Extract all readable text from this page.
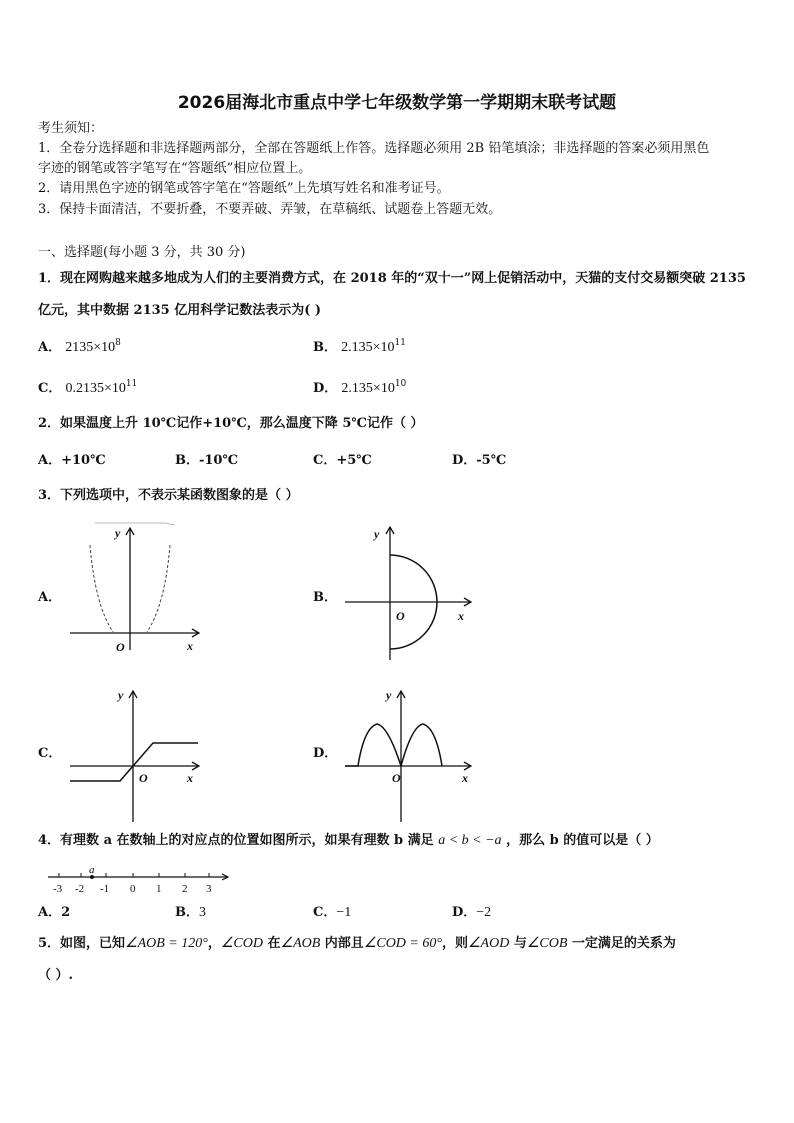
2026届海北市重点中学七年级数学第一学期期末联考试题
考生须知：
1．全卷分选择题和非选择题两部分，全部在答题纸上作答。选择题必须用 2B 铅笔填涂；非选择题的答案必须用黑色
字迹的钢笔或答字笔写在“答题纸”相应位置上。
2．请用黑色字迹的钢笔或答字笔在“答题纸”上先填写姓名和准考证号。
3．保持卡面清洁，不要折叠，不要弄破、弄皱，在草稿纸、试题卷上答题无效。
一、选择题(每小题 3 分，共 30 分)
1．现在网购越来越多地成为人们的主要消费方式，在 2018 年的“双十一”网上促销活动中，天猫的支付交易额突破 2135
亿元，其中数据 2135 亿用科学记数法表示为( )
A． $2135\times 10^8$	B． $2.135\times 10^{11}$
C． $0.2135\times 10^{11}$	D． $2.135\times 10^{10}$
2．如果温度上升 10℃记作+10℃，那么温度下降 5℃记作（ ）
A．+10℃	B．-10℃	C．+5℃	D．-5℃
3．下列选项中，不表示某函数图象的是（ ）
A．
y
x
O
B．
y
x
O
C．
y
x
O
D．
y
x
O
4．有理数 a 在数轴上的对应点的位置如图所示，如果有理数 b 满足 a < b < −a ，那么 b 的值可以是（ ）
a
-3 -2 -1 0 1 2 3
A．2	B．3	C．−1	D．−2
5．如图，已知∠AOB = 120°，∠COD 在∠AOB 内部且∠COD = 60°，则∠AOD 与∠COB 一定满足的关系为
（ ）.
